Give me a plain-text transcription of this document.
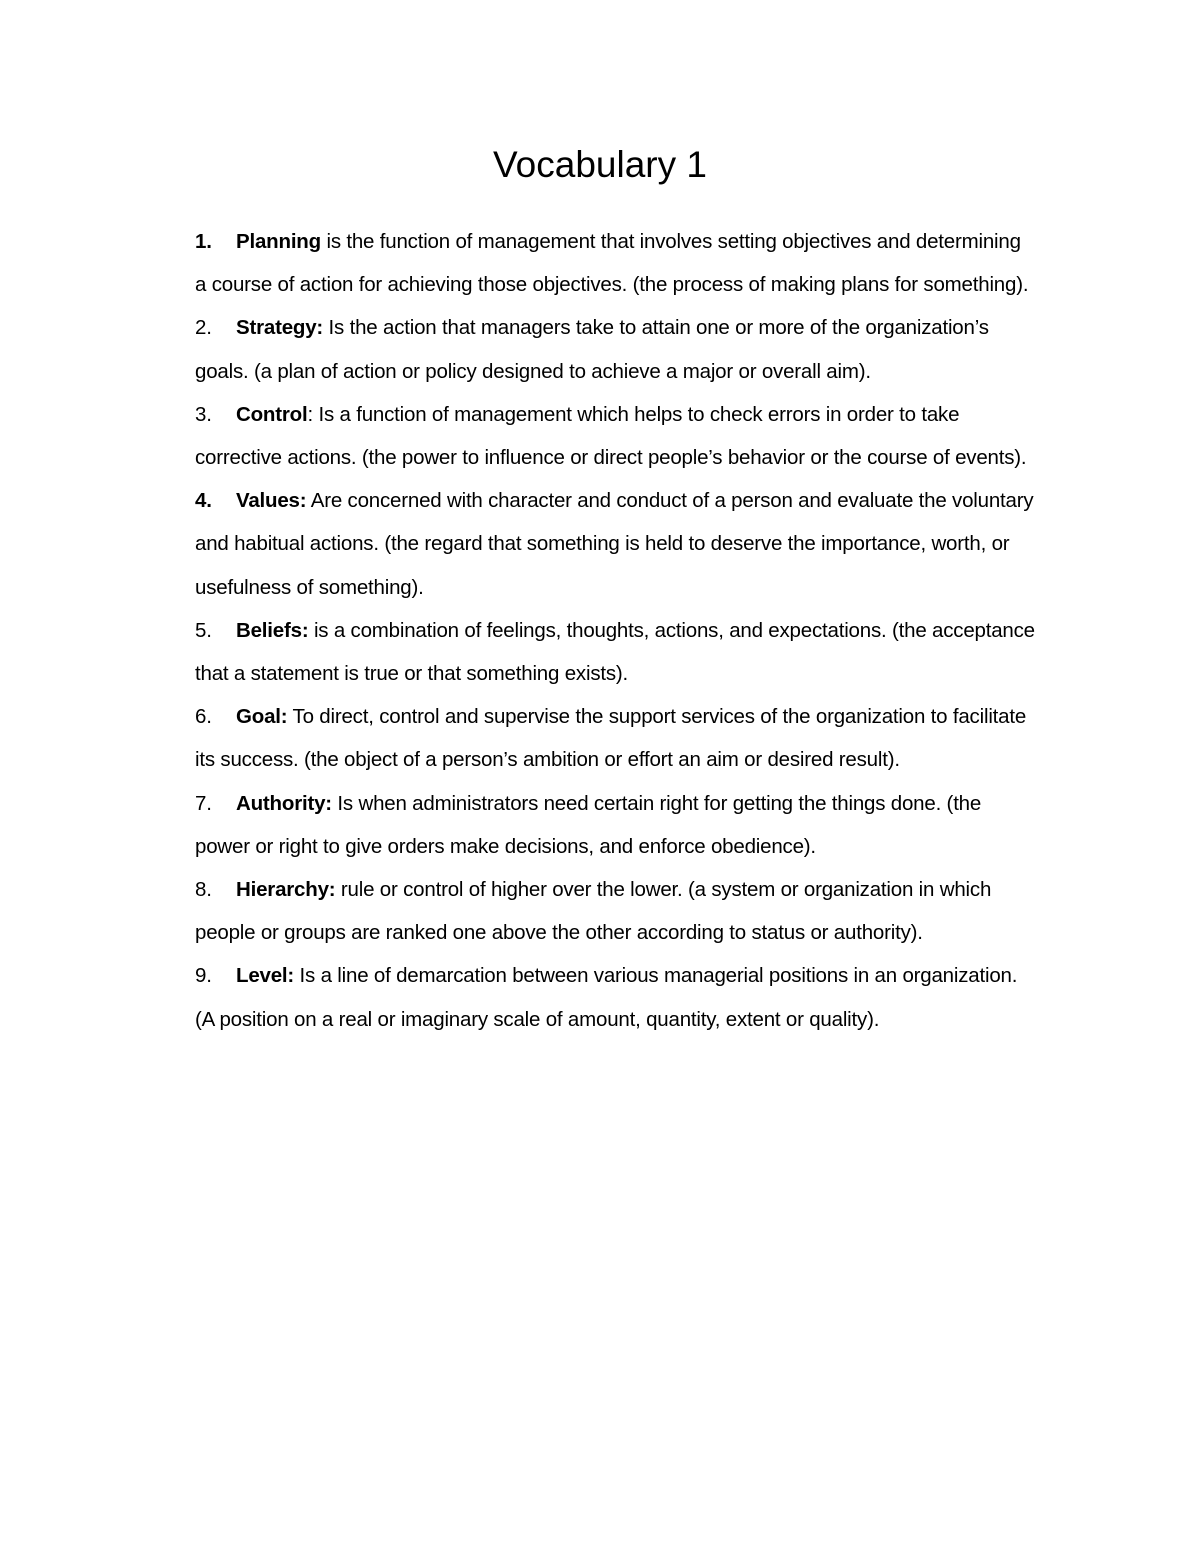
Vocabulary 1
1. Planning is the function of management that involves setting objectives and determining a course of action for achieving those objectives. (the process of making plans for something).
2. Strategy: Is the action that managers take to attain one or more of the organization’s goals. (a plan of action or policy designed to achieve a major or overall aim).
3. Control: Is a function of management which helps to check errors in order to take corrective actions. (the power to influence or direct people’s behavior or the course of events).
4. Values: Are concerned with character and conduct of a person and evaluate the voluntary and habitual actions. (the regard that something is held to deserve the importance, worth, or usefulness of something).
5. Beliefs: is a combination of feelings, thoughts, actions, and expectations. (the acceptance that a statement is true or that something exists).
6. Goal: To direct, control and supervise the support services of the organization to facilitate its success. (the object of a person’s ambition or effort an aim or desired result).
7. Authority: Is when administrators need certain right for getting the things done. (the power or right to give orders make decisions, and enforce obedience).
8. Hierarchy: rule or control of higher over the lower. (a system or organization in which people or groups are ranked one above the other according to status or authority).
9. Level: Is a line of demarcation between various managerial positions in an organization. (A position on a real or imaginary scale of amount, quantity, extent or quality).
